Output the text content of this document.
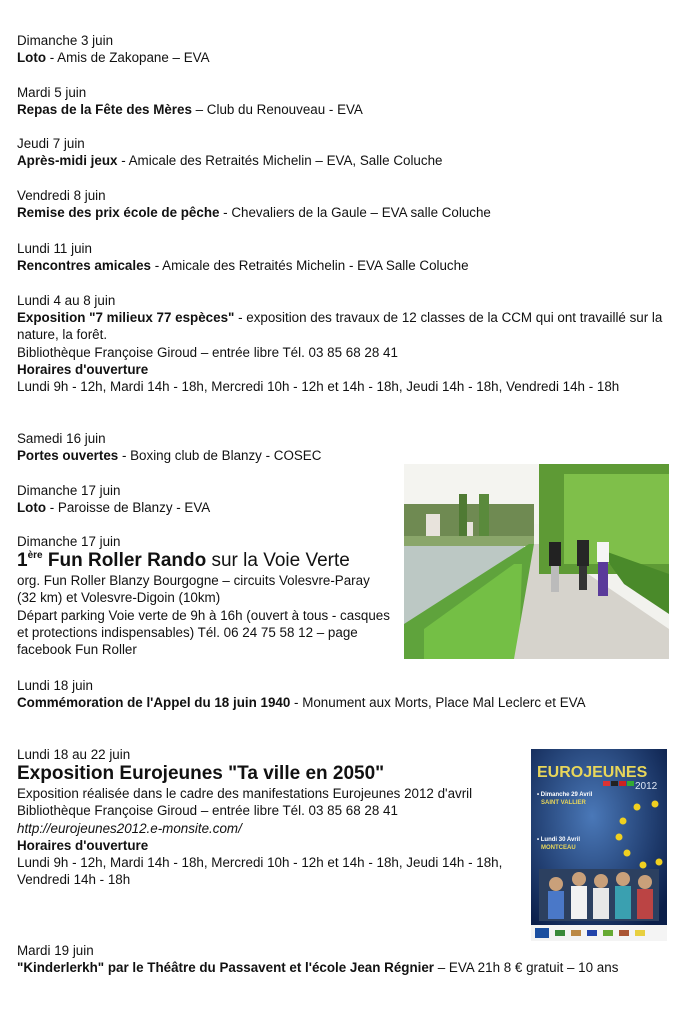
Dimanche 3 juin
Loto - Amis de Zakopane – EVA
Mardi 5 juin
Repas de la Fête des Mères – Club du Renouveau - EVA
Jeudi 7 juin
Après-midi jeux - Amicale des Retraités Michelin – EVA, Salle Coluche
Vendredi 8 juin
Remise des prix école de pêche - Chevaliers de la Gaule – EVA salle Coluche
Lundi 11 juin
Rencontres amicales - Amicale des Retraités Michelin - EVA Salle Coluche
Lundi 4 au 8 juin
Exposition "7 milieux 77 espèces" - exposition des travaux de 12 classes de la CCM qui ont travaillé sur la nature, la forêt.
Bibliothèque Françoise Giroud – entrée libre Tél. 03 85 68 28 41
Horaires d'ouverture
Lundi 9h - 12h, Mardi 14h - 18h, Mercredi 10h - 12h et 14h - 18h, Jeudi 14h - 18h, Vendredi 14h - 18h
Samedi 16 juin
Portes ouvertes - Boxing club de Blanzy - COSEC
Dimanche 17 juin
Loto - Paroisse de Blanzy - EVA
Dimanche 17 juin
1ère Fun Roller Rando sur la Voie Verte
org. Fun Roller Blanzy Bourgogne – circuits Volesvre-Paray (32 km) et Volesvre-Digoin (10km)
Départ parking Voie verte de 9h à 16h (ouvert à tous - casques et protections indispensables) Tél. 06 24 75 58 12 – page facebook Fun Roller
Lundi 18 juin
Commémoration de l'Appel du 18 juin 1940 - Monument aux Morts, Place Mal Leclerc et EVA
Lundi 18 au 22 juin
Exposition Eurojeunes "Ta ville en 2050"
Exposition réalisée dans le cadre des manifestations Eurojeunes 2012 d'avril
Bibliothèque Françoise Giroud – entrée libre Tél. 03 85 68 28 41
http://eurojeunes2012.e-monsite.com/
Horaires d'ouverture
Lundi 9h - 12h, Mardi 14h - 18h, Mercredi 10h - 12h et 14h - 18h, Jeudi 14h - 18h, Vendredi 14h - 18h
Mardi 19 juin
"Kinderlerkh" par le Théâtre du Passavent et l'école Jean Régnier – EVA 21h 8 € gratuit – 10 ans
EUROJEUNES
2012
• Dimanche 29 Avril
SAINT VALLIER
• Lundi 30 Avril
MONTCEAU
